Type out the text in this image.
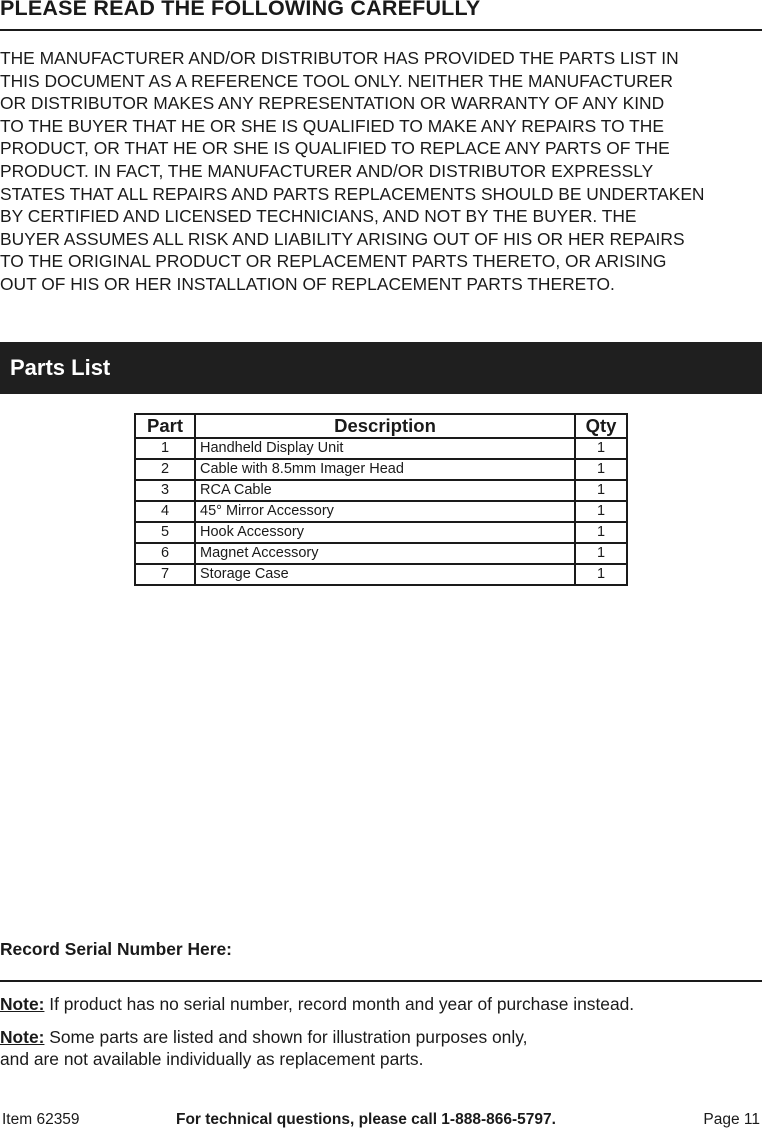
PLEASE READ THE FOLLOWING CAREFULLY
THE MANUFACTURER AND/OR DISTRIBUTOR HAS PROVIDED THE PARTS LIST IN
THIS DOCUMENT AS A REFERENCE TOOL ONLY. NEITHER THE MANUFACTURER
OR DISTRIBUTOR MAKES ANY REPRESENTATION OR WARRANTY OF ANY KIND
TO THE BUYER THAT HE OR SHE IS QUALIFIED TO MAKE ANY REPAIRS TO THE
PRODUCT, OR THAT HE OR SHE IS QUALIFIED TO REPLACE ANY PARTS OF THE
PRODUCT. IN FACT, THE MANUFACTURER AND/OR DISTRIBUTOR EXPRESSLY
STATES THAT ALL REPAIRS AND PARTS REPLACEMENTS SHOULD BE UNDERTAKEN
BY CERTIFIED AND LICENSED TECHNICIANS, AND NOT BY THE BUYER. THE
BUYER ASSUMES ALL RISK AND LIABILITY ARISING OUT OF HIS OR HER REPAIRS
TO THE ORIGINAL PRODUCT OR REPLACEMENT PARTS THERETO, OR ARISING
OUT OF HIS OR HER INSTALLATION OF REPLACEMENT PARTS THERETO.
Parts List
Part	Description	Qty
1	Handheld Display Unit	1
2	Cable with 8.5mm Imager Head	1
3	RCA Cable	1
4	45° Mirror Accessory	1
5	Hook Accessory	1
6	Magnet Accessory	1
7	Storage Case	1
Record Serial Number Here:
Note: If product has no serial number, record month and year of purchase instead.
Note: Some parts are listed and shown for illustration purposes only,
and are not available individually as replacement parts.
Item 62359	For technical questions, please call 1-888-866-5797.	Page 11
